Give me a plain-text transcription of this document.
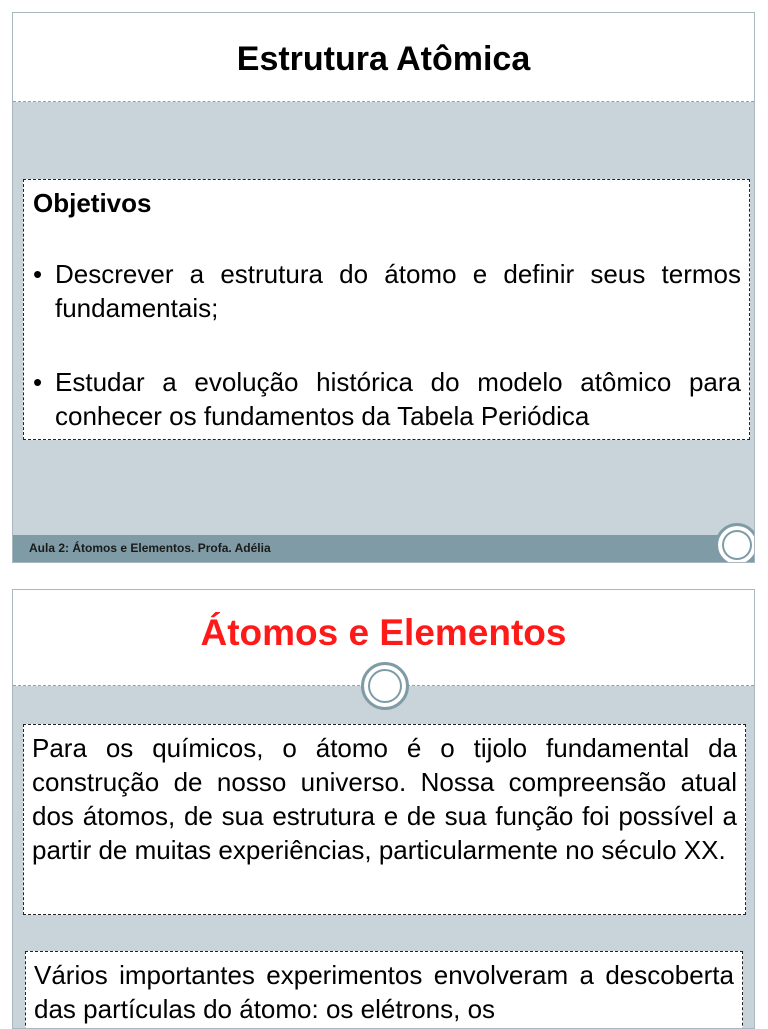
Estrutura Atômica
Objetivos
• Descrever a estrutura do átomo e definir seus termos fundamentais;
• Estudar a evolução histórica do modelo atômico para conhecer os fundamentos da Tabela Periódica
Aula 2: Átomos e Elementos. Profa. Adélia
Átomos e Elementos
Para os químicos, o átomo é o tijolo fundamental da construção de nosso universo. Nossa compreensão atual dos átomos, de sua estrutura e de sua função foi possível a partir de muitas experiências, particularmente no século XX.
Vários importantes experimentos envolveram a descoberta das partículas do átomo: os elétrons, os
